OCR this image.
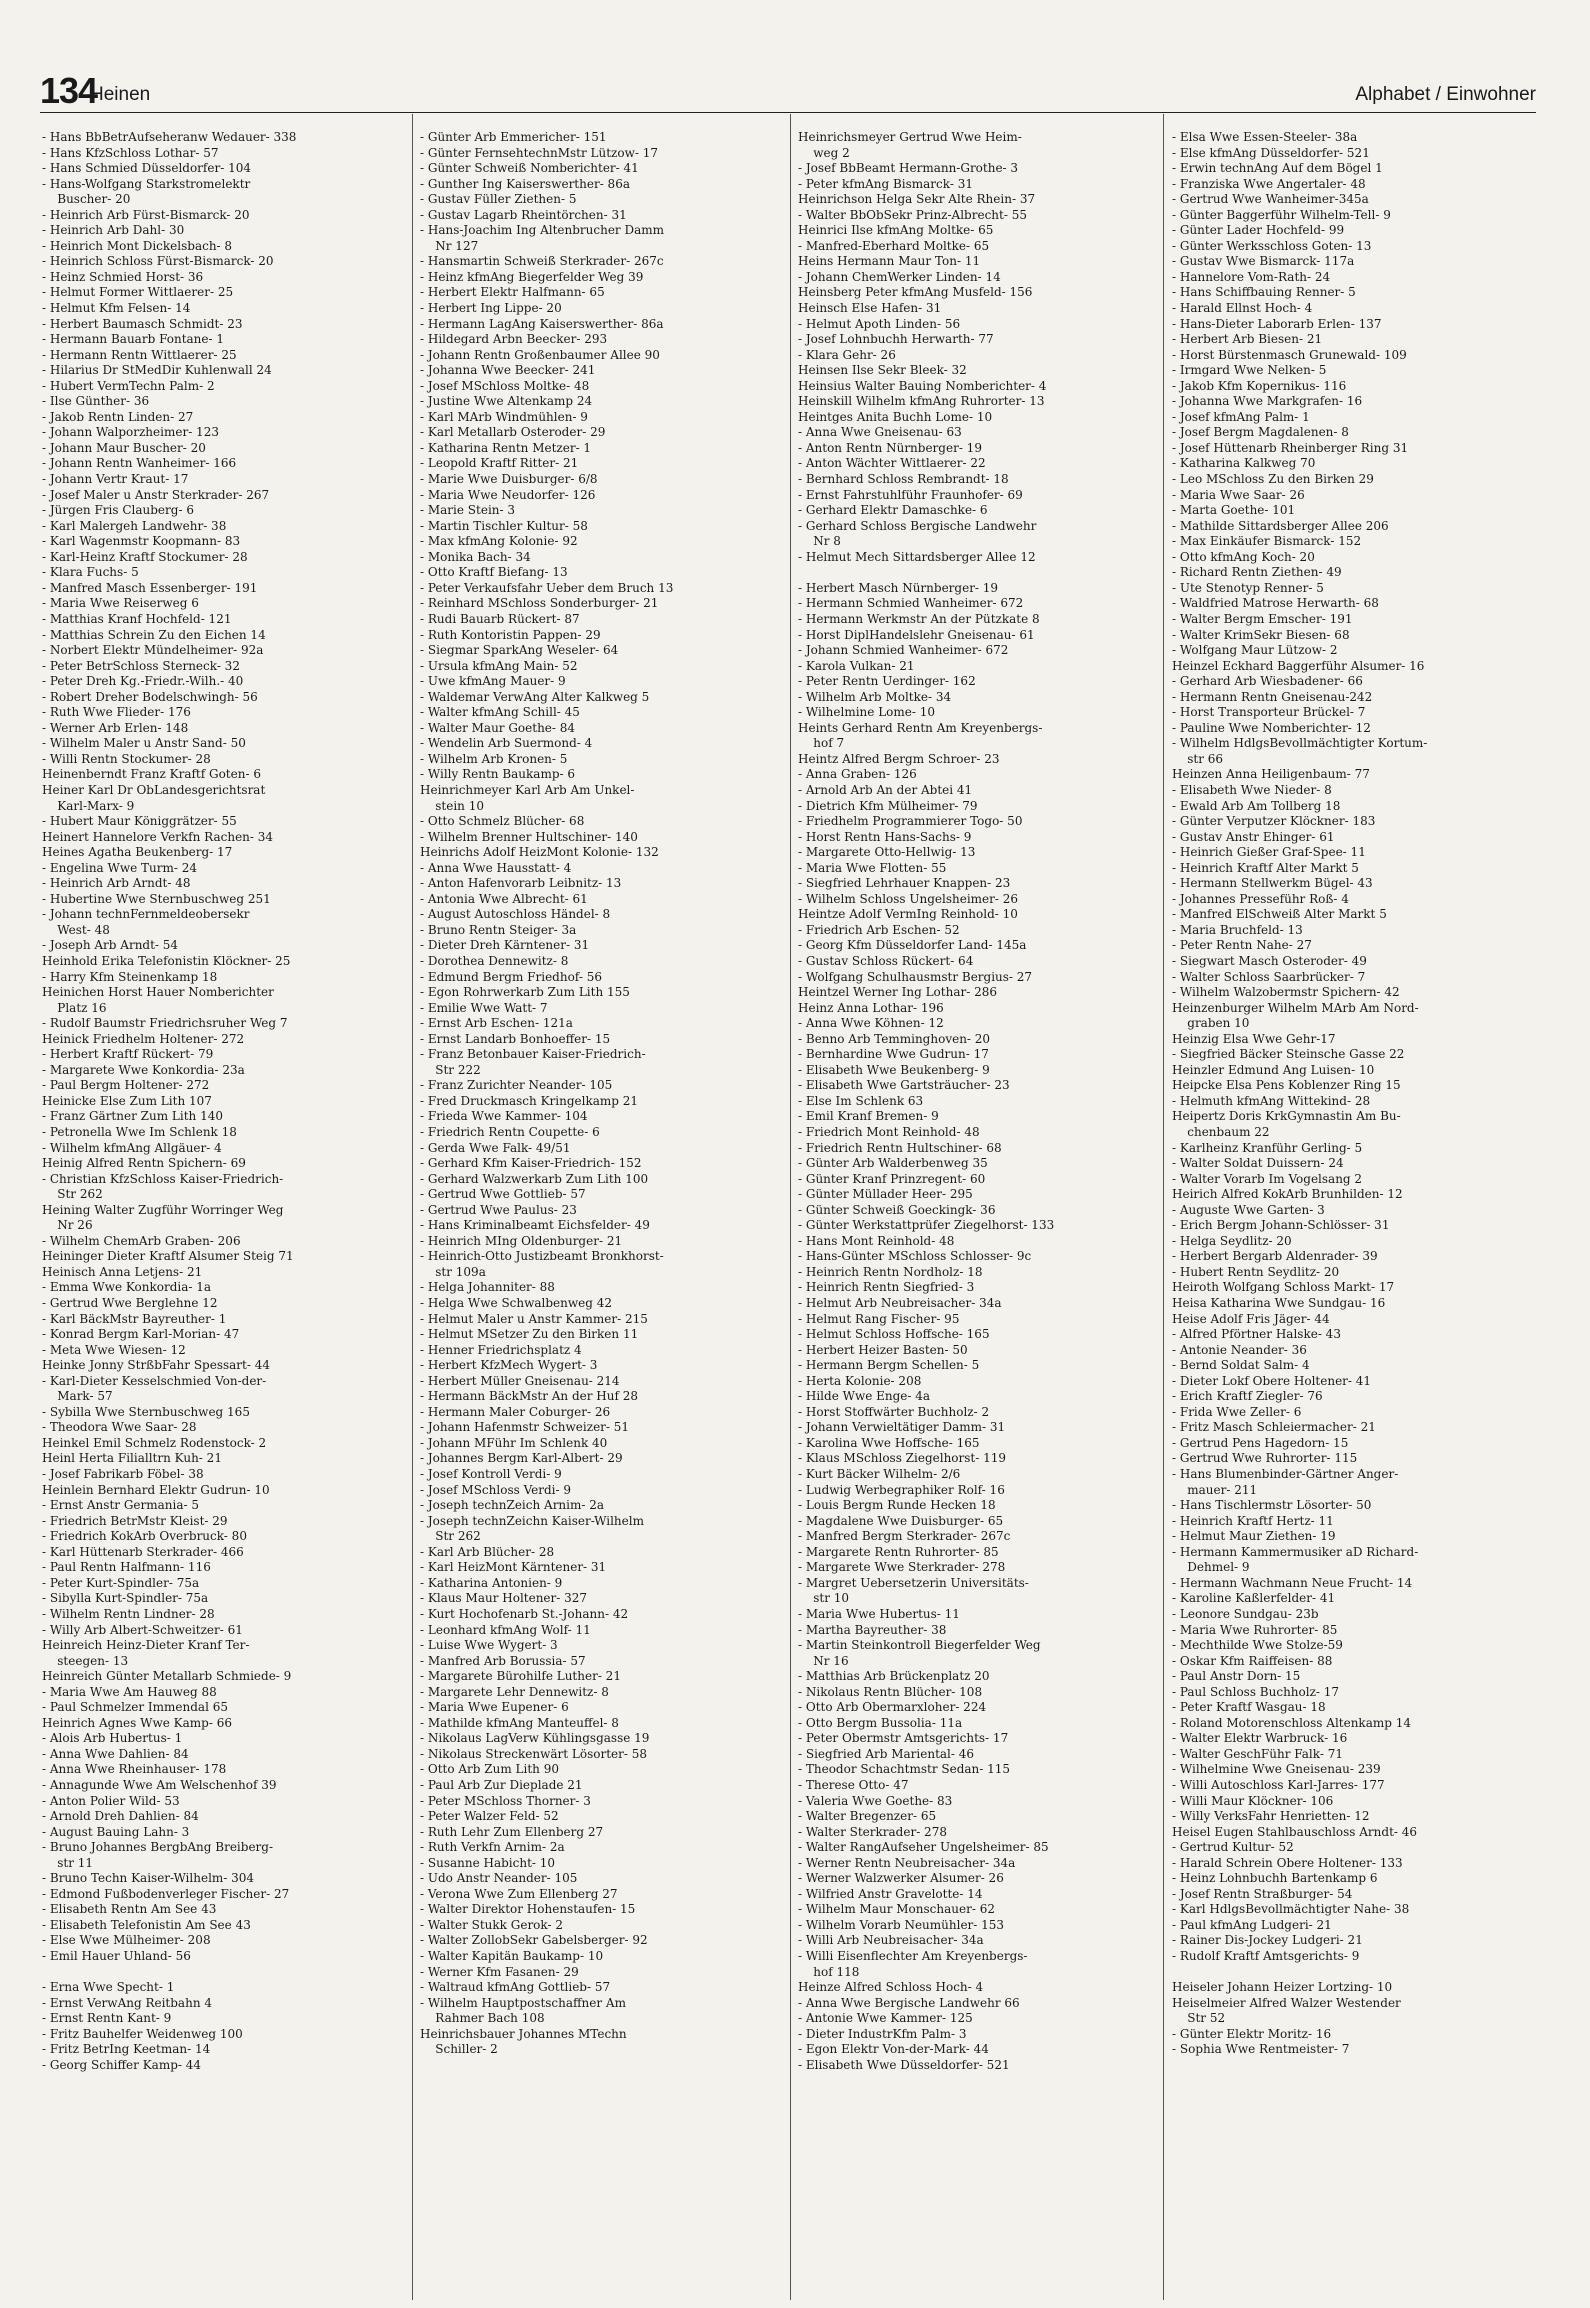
134
Heinen	Alphabet / Einwohner
- Hans BbBetrAufseheranw Wedauer- 338
- Hans KfzSchloss Lothar- 57
- Hans Schmied Düsseldorfer- 104
- Hans-Wolfgang Starkstromelektr
Buscher- 20
- Heinrich Arb Fürst-Bismarck- 20
- Heinrich Arb Dahl- 30
- Heinrich Mont Dickelsbach- 8
- Heinrich Schloss Fürst-Bismarck- 20
- Heinz Schmied Horst- 36
- Helmut Former Wittlaerer- 25
- Helmut Kfm Felsen- 14
- Herbert Baumasch Schmidt- 23
- Hermann Bauarb Fontane- 1
- Hermann Rentn Wittlaerer- 25
- Hilarius Dr StMedDir Kuhlenwall 24
- Hubert VermTechn Palm- 2
- Ilse Günther- 36
- Jakob Rentn Linden- 27
- Johann Walporzheimer- 123
- Johann Maur Buscher- 20
- Johann Rentn Wanheimer- 166
- Johann Vertr Kraut- 17
- Josef Maler u Anstr Sterkrader- 267
- Jürgen Fris Clauberg- 6
- Karl Malergeh Landwehr- 38
- Karl Wagenmstr Koopmann- 83
- Karl-Heinz Kraftf Stockumer- 28
- Klara Fuchs- 5
- Manfred Masch Essenberger- 191
- Maria Wwe Reiserweg 6
- Matthias Kranf Hochfeld- 121
- Matthias Schrein Zu den Eichen 14
- Norbert Elektr Mündelheimer- 92a
- Peter BetrSchloss Sterneck- 32
- Peter Dreh Kg.-Friedr.-Wilh.- 40
- Robert Dreher Bodelschwingh- 56
- Ruth Wwe Flieder- 176
- Werner Arb Erlen- 148
- Wilhelm Maler u Anstr Sand- 50
- Willi Rentn Stockumer- 28
Heinenberndt Franz Kraftf Goten- 6
Heiner Karl Dr ObLandesgerichtsrat
Karl-Marx- 9
- Hubert Maur Königgrätzer- 55
Heinert Hannelore Verkfn Rachen- 34
Heines Agatha Beukenberg- 17
- Engelina Wwe Turm- 24
- Heinrich Arb Arndt- 48
- Hubertine Wwe Sternbuschweg 251
- Johann technFernmeldeobersekr
West- 48
- Joseph Arb Arndt- 54
Heinhold Erika Telefonistin Klöckner- 25
- Harry Kfm Steinenkamp 18
Heinichen Horst Hauer Nomberichter
Platz 16
- Rudolf Baumstr Friedrichsruher Weg 7
Heinick Friedhelm Holtener- 272
- Herbert Kraftf Rückert- 79
- Margarete Wwe Konkordia- 23a
- Paul Bergm Holtener- 272
Heinicke Else Zum Lith 107
- Franz Gärtner Zum Lith 140
- Petronella Wwe Im Schlenk 18
- Wilhelm kfmAng Allgäuer- 4
Heinig Alfred Rentn Spichern- 69
- Christian KfzSchloss Kaiser-Friedrich-
Str 262
Heining Walter Zugführ Worringer Weg
Nr 26
- Wilhelm ChemArb Graben- 206
Heininger Dieter Kraftf Alsumer Steig 71
Heinisch Anna Letjens- 21
- Emma Wwe Konkordia- 1a
- Gertrud Wwe Berglehne 12
- Karl BäckMstr Bayreuther- 1
- Konrad Bergm Karl-Morian- 47
- Meta Wwe Wiesen- 12
Heinke Jonny StrßbFahr Spessart- 44
- Karl-Dieter Kesselschmied Von-der-
Mark- 57
- Sybilla Wwe Sternbuschweg 165
- Theodora Wwe Saar- 28
Heinkel Emil Schmelz Rodenstock- 2
Heinl Herta Filialltrn Kuh- 21
- Josef Fabrikarb Föbel- 38
Heinlein Bernhard Elektr Gudrun- 10
- Ernst Anstr Germania- 5
- Friedrich BetrMstr Kleist- 29
- Friedrich KokArb Overbruck- 80
- Karl Hüttenarb Sterkrader- 466
- Paul Rentn Halfmann- 116
- Peter Kurt-Spindler- 75a
- Sibylla Kurt-Spindler- 75a
- Wilhelm Rentn Lindner- 28
- Willy Arb Albert-Schweitzer- 61
Heinreich Heinz-Dieter Kranf Ter-
steegen- 13
Heinreich Günter Metallarb Schmiede- 9
- Maria Wwe Am Hauweg 88
- Paul Schmelzer Immendal 65
Heinrich Agnes Wwe Kamp- 66
- Alois Arb Hubertus- 1
- Anna Wwe Dahlien- 84
- Anna Wwe Rheinhauser- 178
- Annagunde Wwe Am Welschenhof 39
- Anton Polier Wild- 53
- Arnold Dreh Dahlien- 84
- August Bauing Lahn- 3
- Bruno Johannes BergbAng Breiberg-
str 11
- Bruno Techn Kaiser-Wilhelm- 304
- Edmond Fußbodenverleger Fischer- 27
- Elisabeth Rentn Am See 43
- Elisabeth Telefonistin Am See 43
- Else Wwe Mülheimer- 208
- Emil Hauer Uhland- 56
- Erna Wwe Specht- 1
- Ernst VerwAng Reitbahn 4
- Ernst Rentn Kant- 9
- Fritz Bauhelfer Weidenweg 100
- Fritz BetrIng Keetman- 14
- Georg Schiffer Kamp- 44
- Günter Arb Emmericher- 151
- Günter FernsehtechnMstr Lützow- 17
- Günter Schweiß Nomberichter- 41
- Gunther Ing Kaiserswerther- 86a
- Gustav Füller Ziethen- 5
- Gustav Lagarb Rheintörchen- 31
- Hans-Joachim Ing Altenbrucher Damm
Nr 127
- Hansmartin Schweiß Sterkrader- 267c
- Heinz kfmAng Biegerfelder Weg 39
- Herbert Elektr Halfmann- 65
- Herbert Ing Lippe- 20
- Hermann LagAng Kaiserswerther- 86a
- Hildegard Arbn Beecker- 293
- Johann Rentn Großenbaumer Allee 90
- Johanna Wwe Beecker- 241
- Josef MSchloss Moltke- 48
- Justine Wwe Altenkamp 24
- Karl MArb Windmühlen- 9
- Karl Metallarb Osteroder- 29
- Katharina Rentn Metzer- 1
- Leopold Kraftf Ritter- 21
- Marie Wwe Duisburger- 6/8
- Maria Wwe Neudorfer- 126
- Marie Stein- 3
- Martin Tischler Kultur- 58
- Max kfmAng Kolonie- 92
- Monika Bach- 34
- Otto Kraftf Biefang- 13
- Peter Verkaufsfahr Ueber dem Bruch 13
- Reinhard MSchloss Sonderburger- 21
- Rudi Bauarb Rückert- 87
- Ruth Kontoristin Pappen- 29
- Siegmar SparkAng Weseler- 64
- Ursula kfmAng Main- 52
- Uwe kfmAng Mauer- 9
- Waldemar VerwAng Alter Kalkweg 5
- Walter kfmAng Schill- 45
- Walter Maur Goethe- 84
- Wendelin Arb Suermond- 4
- Wilhelm Arb Kronen- 5
- Willy Rentn Baukamp- 6
Heinrichmeyer Karl Arb Am Unkel-
stein 10
- Otto Schmelz Blücher- 68
- Wilhelm Brenner Hultschiner- 140
Heinrichs Adolf HeizMont Kolonie- 132
- Anna Wwe Hausstatt- 4
- Anton Hafenvorarb Leibnitz- 13
- Antonia Wwe Albrecht- 61
- August Autoschloss Händel- 8
- Bruno Rentn Steiger- 3a
- Dieter Dreh Kärntener- 31
- Dorothea Dennewitz- 8
- Edmund Bergm Friedhof- 56
- Egon Rohrwerkarb Zum Lith 155
- Emilie Wwe Watt- 7
- Ernst Arb Eschen- 121a
- Ernst Landarb Bonhoeffer- 15
- Franz Betonbauer Kaiser-Friedrich-
Str 222
- Franz Zurichter Neander- 105
- Fred Druckmasch Kringelkamp 21
- Frieda Wwe Kammer- 104
- Friedrich Rentn Coupette- 6
- Gerda Wwe Falk- 49/51
- Gerhard Kfm Kaiser-Friedrich- 152
- Gerhard Walzwerkarb Zum Lith 100
- Gertrud Wwe Gottlieb- 57
- Gertrud Wwe Paulus- 23
- Hans Kriminalbeamt Eichsfelder- 49
- Heinrich MIng Oldenburger- 21
- Heinrich-Otto Justizbeamt Bronkhorst-
str 109a
- Helga Johanniter- 88
- Helga Wwe Schwalbenweg 42
- Helmut Maler u Anstr Kammer- 215
- Helmut MSetzer Zu den Birken 11
- Henner Friedrichsplatz 4
- Herbert KfzMech Wygert- 3
- Herbert Müller Gneisenau- 214
- Hermann BäckMstr An der Huf 28
- Hermann Maler Coburger- 26
- Johann Hafenmstr Schweizer- 51
- Johann MFühr Im Schlenk 40
- Johannes Bergm Karl-Albert- 29
- Josef Kontroll Verdi- 9
- Josef MSchloss Verdi- 9
- Joseph technZeich Arnim- 2a
- Joseph technZeichn Kaiser-Wilhelm
Str 262
- Karl Arb Blücher- 28
- Karl HeizMont Kärntener- 31
- Katharina Antonien- 9
- Klaus Maur Holtener- 327
- Kurt Hochofenarb St.-Johann- 42
- Leonhard kfmAng Wolf- 11
- Luise Wwe Wygert- 3
- Manfred Arb Borussia- 57
- Margarete Bürohilfe Luther- 21
- Margarete Lehr Dennewitz- 8
- Maria Wwe Eupener- 6
- Mathilde kfmAng Manteuffel- 8
- Nikolaus LagVerw Kühlingsgasse 19
- Nikolaus Streckenwärt Lösorter- 58
- Otto Arb Zum Lith 90
- Paul Arb Zur Dieplade 21
- Peter MSchloss Thorner- 3
- Peter Walzer Feld- 52
- Ruth Lehr Zum Ellenberg 27
- Ruth Verkfn Arnim- 2a
- Susanne Habicht- 10
- Udo Anstr Neander- 105
- Verona Wwe Zum Ellenberg 27
- Walter Direktor Hohenstaufen- 15
- Walter Stukk Gerok- 2
- Walter ZollobSekr Gabelsberger- 92
- Walter Kapitän Baukamp- 10
- Werner Kfm Fasanen- 29
- Waltraud kfmAng Gottlieb- 57
- Wilhelm Hauptpostschaffner Am
Rahmer Bach 108
Heinrichsbauer Johannes MTechn
Schiller- 2
Heinrichsmeyer Gertrud Wwe Heim-
weg 2
- Josef BbBeamt Hermann-Grothe- 3
- Peter kfmAng Bismarck- 31
Heinrichson Helga Sekr Alte Rhein- 37
- Walter BbObSekr Prinz-Albrecht- 55
Heinrici Ilse kfmAng Moltke- 65
- Manfred-Eberhard Moltke- 65
Heins Hermann Maur Ton- 11
- Johann ChemWerker Linden- 14
Heinsberg Peter kfmAng Musfeld- 156
Heinsch Else Hafen- 31
- Helmut Apoth Linden- 56
- Josef Lohnbuchh Herwarth- 77
- Klara Gehr- 26
Heinsen Ilse Sekr Bleek- 32
Heinsius Walter Bauing Nomberichter- 4
Heinskill Wilhelm kfmAng Ruhrorter- 13
Heintges Anita Buchh Lome- 10
- Anna Wwe Gneisenau- 63
- Anton Rentn Nürnberger- 19
- Anton Wächter Wittlaerer- 22
- Bernhard Schloss Rembrandt- 18
- Ernst Fahrstuhlführ Fraunhofer- 69
- Gerhard Elektr Damaschke- 6
- Gerhard Schloss Bergische Landwehr
Nr 8
- Helmut Mech Sittardsberger Allee 12
- Herbert Masch Nürnberger- 19
- Hermann Schmied Wanheimer- 672
- Hermann Werkmstr An der Pützkate 8
- Horst DiplHandelslehr Gneisenau- 61
- Johann Schmied Wanheimer- 672
- Karola Vulkan- 21
- Peter Rentn Uerdinger- 162
- Wilhelm Arb Moltke- 34
- Wilhelmine Lome- 10
Heints Gerhard Rentn Am Kreyenbergs-
hof 7
Heintz Alfred Bergm Schroer- 23
- Anna Graben- 126
- Arnold Arb An der Abtei 41
- Dietrich Kfm Mülheimer- 79
- Friedhelm Programmierer Togo- 50
- Horst Rentn Hans-Sachs- 9
- Margarete Otto-Hellwig- 13
- Maria Wwe Flotten- 55
- Siegfried Lehrhauer Knappen- 23
- Wilhelm Schloss Ungelsheimer- 26
Heintze Adolf VermIng Reinhold- 10
- Friedrich Arb Eschen- 52
- Georg Kfm Düsseldorfer Land- 145a
- Gustav Schloss Rückert- 64
- Wolfgang Schulhausmstr Bergius- 27
Heintzel Werner Ing Lothar- 286
Heinz Anna Lothar- 196
- Anna Wwe Köhnen- 12
- Benno Arb Temminghoven- 20
- Bernhardine Wwe Gudrun- 17
- Elisabeth Wwe Beukenberg- 9
- Elisabeth Wwe Gartsträucher- 23
- Else Im Schlenk 63
- Emil Kranf Bremen- 9
- Friedrich Mont Reinhold- 48
- Friedrich Rentn Hultschiner- 68
- Günter Arb Walderbenweg 35
- Günter Kranf Prinzregent- 60
- Günter Müllader Heer- 295
- Günter Schweiß Goeckingk- 36
- Günter Werkstattprüfer Ziegelhorst- 133
- Hans Mont Reinhold- 48
- Hans-Günter MSchloss Schlosser- 9c
- Heinrich Rentn Nordholz- 18
- Heinrich Rentn Siegfried- 3
- Helmut Arb Neubreisacher- 34a
- Helmut Rang Fischer- 95
- Helmut Schloss Hoffsche- 165
- Herbert Heizer Basten- 50
- Hermann Bergm Schellen- 5
- Herta Kolonie- 208
- Hilde Wwe Enge- 4a
- Horst Stoffwärter Buchholz- 2
- Johann Verwieltätiger Damm- 31
- Karolina Wwe Hoffsche- 165
- Klaus MSchloss Ziegelhorst- 119
- Kurt Bäcker Wilhelm- 2/6
- Ludwig Werbegraphiker Rolf- 16
- Louis Bergm Runde Hecken 18
- Magdalene Wwe Duisburger- 65
- Manfred Bergm Sterkrader- 267c
- Margarete Rentn Ruhrorter- 85
- Margarete Wwe Sterkrader- 278
- Margret Uebersetzerin Universitäts-
str 10
- Maria Wwe Hubertus- 11
- Martha Bayreuther- 38
- Martin Steinkontroll Biegerfelder Weg
Nr 16
- Matthias Arb Brückenplatz 20
- Nikolaus Rentn Blücher- 108
- Otto Arb Obermarxloher- 224
- Otto Bergm Bussolia- 11a
- Peter Obermstr Amtsgerichts- 17
- Siegfried Arb Mariental- 46
- Theodor Schachtmstr Sedan- 115
- Therese Otto- 47
- Valeria Wwe Goethe- 83
- Walter Bregenzer- 65
- Walter Sterkrader- 278
- Walter RangAufseher Ungelsheimer- 85
- Werner Rentn Neubreisacher- 34a
- Werner Walzwerker Alsumer- 26
- Wilfried Anstr Gravelotte- 14
- Wilhelm Maur Monschauer- 62
- Wilhelm Vorarb Neumühler- 153
- Willi Arb Neubreisacher- 34a
- Willi Eisenflechter Am Kreyenbergs-
hof 118
Heinze Alfred Schloss Hoch- 4
- Anna Wwe Bergische Landwehr 66
- Antonie Wwe Kammer- 125
- Dieter IndustrKfm Palm- 3
- Egon Elektr Von-der-Mark- 44
- Elisabeth Wwe Düsseldorfer- 521
- Elsa Wwe Essen-Steeler- 38a
- Else kfmAng Düsseldorfer- 521
- Erwin technAng Auf dem Bögel 1
- Franziska Wwe Angertaler- 48
- Gertrud Wwe Wanheimer-345a
- Günter Baggerführ Wilhelm-Tell- 9
- Günter Lader Hochfeld- 99
- Günter Werksschloss Goten- 13
- Gustav Wwe Bismarck- 117a
- Hannelore Vom-Rath- 24
- Hans Schiffbauing Renner- 5
- Harald Ellnst Hoch- 4
- Hans-Dieter Laborarb Erlen- 137
- Herbert Arb Biesen- 21
- Horst Bürstenmasch Grunewald- 109
- Irmgard Wwe Nelken- 5
- Jakob Kfm Kopernikus- 116
- Johanna Wwe Markgrafen- 16
- Josef kfmAng Palm- 1
- Josef Bergm Magdalenen- 8
- Josef Hüttenarb Rheinberger Ring 31
- Katharina Kalkweg 70
- Leo MSchloss Zu den Birken 29
- Maria Wwe Saar- 26
- Marta Goethe- 101
- Mathilde Sittardsberger Allee 206
- Max Einkäufer Bismarck- 152
- Otto kfmAng Koch- 20
- Richard Rentn Ziethen- 49
- Ute Stenotyp Renner- 5
- Waldfried Matrose Herwarth- 68
- Walter Bergm Emscher- 191
- Walter KrimSekr Biesen- 68
- Wolfgang Maur Lützow- 2
Heinzel Eckhard Baggerführ Alsumer- 16
- Gerhard Arb Wiesbadener- 66
- Hermann Rentn Gneisenau-242
- Horst Transporteur Brückel- 7
- Pauline Wwe Nomberichter- 12
- Wilhelm HdlgsBevollmächtigter Kortum-
str 66
Heinzen Anna Heiligenbaum- 77
- Elisabeth Wwe Nieder- 8
- Ewald Arb Am Tollberg 18
- Günter Verputzer Klöckner- 183
- Gustav Anstr Ehinger- 61
- Heinrich Gießer Graf-Spee- 11
- Heinrich Kraftf Alter Markt 5
- Hermann Stellwerkm Bügel- 43
- Johannes Presseführ Roß- 4
- Manfred ElSchweiß Alter Markt 5
- Maria Bruchfeld- 13
- Peter Rentn Nahe- 27
- Siegwart Masch Osteroder- 49
- Walter Schloss Saarbrücker- 7
- Wilhelm Walzobermstr Spichern- 42
Heinzenburger Wilhelm MArb Am Nord-
graben 10
Heinzig Elsa Wwe Gehr-17
- Siegfried Bäcker Steinsche Gasse 22
Heinzler Edmund Ang Luisen- 10
Heipcke Elsa Pens Koblenzer Ring 15
- Helmuth kfmAng Wittekind- 28
Heipertz Doris KrkGymnastin Am Bu-
chenbaum 22
- Karlheinz Kranführ Gerling- 5
- Walter Soldat Duissern- 24
- Walter Vorarb Im Vogelsang 2
Heirich Alfred KokArb Brunhilden- 12
- Auguste Wwe Garten- 3
- Erich Bergm Johann-Schlösser- 31
- Helga Seydlitz- 20
- Herbert Bergarb Aldenrader- 39
- Hubert Rentn Seydlitz- 20
Heiroth Wolfgang Schloss Markt- 17
Heisa Katharina Wwe Sundgau- 16
Heise Adolf Fris Jäger- 44
- Alfred Pförtner Halske- 43
- Antonie Neander- 36
- Bernd Soldat Salm- 4
- Dieter Lokf Obere Holtener- 41
- Erich Kraftf Ziegler- 76
- Frida Wwe Zeller- 6
- Fritz Masch Schleiermacher- 21
- Gertrud Pens Hagedorn- 15
- Gertrud Wwe Ruhrorter- 115
- Hans Blumenbinder-Gärtner Anger-
mauer- 211
- Hans Tischlermstr Lösorter- 50
- Heinrich Kraftf Hertz- 11
- Helmut Maur Ziethen- 19
- Hermann Kammermusiker aD Richard-
Dehmel- 9
- Hermann Wachmann Neue Frucht- 14
- Karoline Kaßlerfelder- 41
- Leonore Sundgau- 23b
- Maria Wwe Ruhrorter- 85
- Mechthilde Wwe Stolze-59
- Oskar Kfm Raiffeisen- 88
- Paul Anstr Dorn- 15
- Paul Schloss Buchholz- 17
- Peter Kraftf Wasgau- 18
- Roland Motorenschloss Altenkamp 14
- Walter Elektr Warbruck- 16
- Walter GeschFühr Falk- 71
- Wilhelmine Wwe Gneisenau- 239
- Willi Autoschloss Karl-Jarres- 177
- Willi Maur Klöckner- 106
- Willy VerksFahr Henrietten- 12
Heisel Eugen Stahlbauschloss Arndt- 46
- Gertrud Kultur- 52
- Harald Schrein Obere Holtener- 133
- Heinz Lohnbuchh Bartenkamp 6
- Josef Rentn Straßburger- 54
- Karl HdlgsBevollmächtigter Nahe- 38
- Paul kfmAng Ludgeri- 21
- Rainer Dis-Jockey Ludgeri- 21
- Rudolf Kraftf Amtsgerichts- 9
Heiseler Johann Heizer Lortzing- 10
Heiselmeier Alfred Walzer Westender
Str 52
- Günter Elektr Moritz- 16
- Sophia Wwe Rentmeister- 7
